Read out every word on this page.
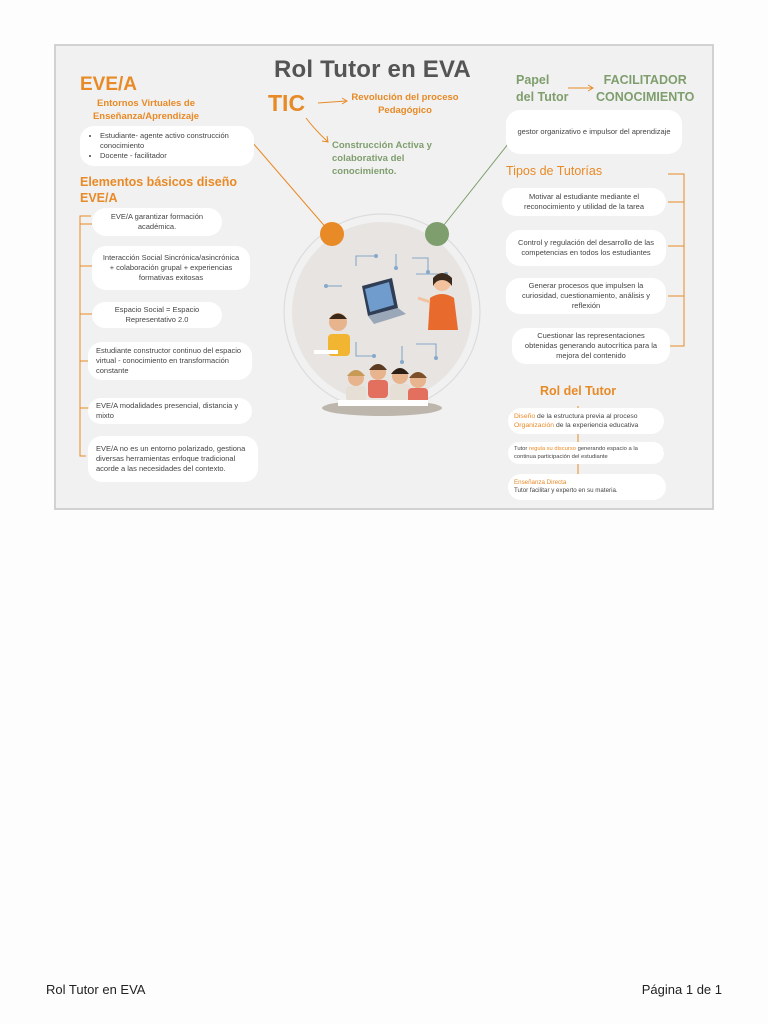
Rol Tutor en EVA
EVE/A
Entornos Virtuales de
Enseñanza/Aprendizaje
• Estudiante- agente activo construcción conocimiento
• Docente - facilitador
TIC	Revolución del proceso
Pedagógico
Construcción Activa y
colaborativa del
conocimiento.
Elementos básicos diseño
EVE/A
EVE/A garantizar formación académica.
Interacción Social Sincrónica/asincrónica + colaboración grupal + experiencias formativas exitosas
Espacio Social = Espacio Representativo 2.0
Estudiante constructor continuo del espacio virtual - conocimiento en transformación constante
EVE/A modalidades presencial, distancia y mixto
EVE/A no es un entorno polarizado, gestiona diversas herramientas enfoque tradicional acorde a las necesidades del contexto.
Papel
del Tutor
FACILITADOR
CONOCIMIENTO
gestor organizativo e impulsor del aprendizaje
Tipos de Tutorías
Motivar al estudiante mediante el reconocimiento y utilidad de la tarea
Control y regulación del desarrollo de las competencias en todos los estudiantes
Generar procesos que impulsen la curiosidad, cuestionamiento, análisis y reflexión
Cuestionar las representaciones obtenidas generando autocrítica para la mejora del contenido
Rol del Tutor
Diseño de la estructura previa al proceso
Organización de la experiencia educativa
Tutor regula su discurso generando espacio a la continua participación del estudiante
Enseñanza Directa
Tutor facilitar y experto en su materia.
Rol Tutor en EVA	Página 1 de 1
